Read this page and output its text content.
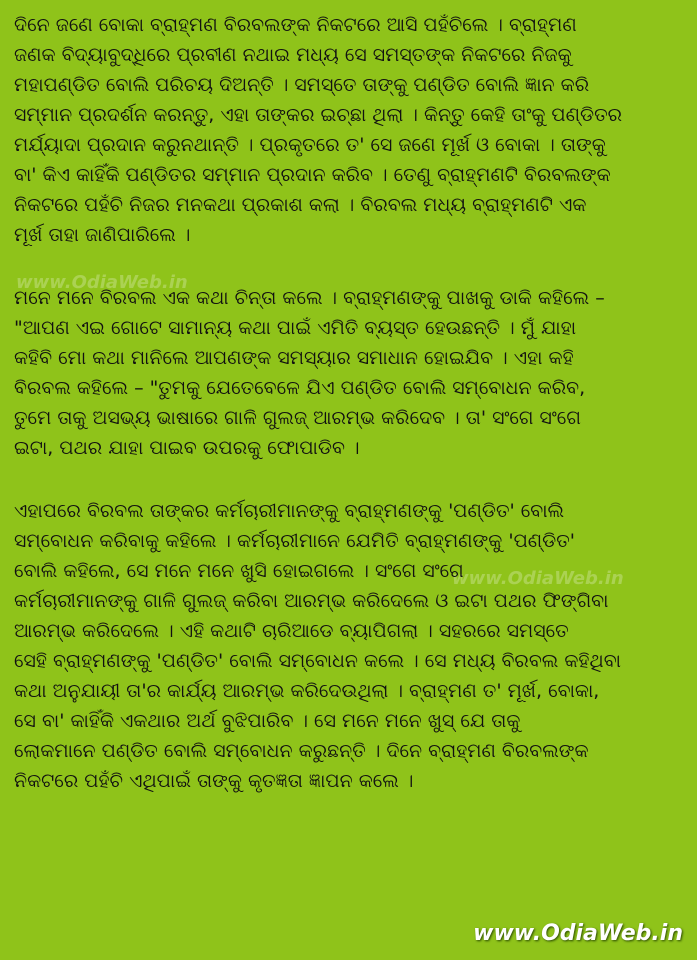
www.OdiaWeb.in
www.OdiaWeb.in
ଦିନେ ଜଣେ ବୋକା ବ୍ରାହ୍ମଣ ବିରବଲଙ୍କ ନିକଟରେ ଆସି ପହଁଚିଲେ । ବ୍ରାହ୍ମଣ
ଜଣକ ବିଦ୍ୟାବୁଦ୍ଧିରେ ପ୍ରବୀଣ ନଥାଇ ମଧ୍ୟ ସେ ସମସ୍ତଙ୍କ ନିକଟରେ ନିଜକୁ
ମହାପଣ୍ଡିତ ବୋଲି ପରିଚୟ ଦିଅନ୍ତି । ସମସ୍ତେ ତାଙ୍କୁ ପଣ୍ଡିତ ବୋଲି ଜ୍ଞାନ କରି
ସମ୍ମାନ ପ୍ରଦର୍ଶନ କରନ୍ତୁ, ଏହା ତାଙ୍କର ଇଚ୍ଛା ଥିଲା । କିନ୍ତୁ କେହି ତାଂକୁ ପଣ୍ଡିତର
ମର୍ଯ୍ୟାଦା ପ୍ରଦାନ କରୁନଥାନ୍ତି । ପ୍ରକୃତରେ ତ' ସେ ଜଣେ ମୂର୍ଖ ଓ ବୋକା । ତାଙ୍କୁ
ବା' କିଏ କାହିଁକି ପଣ୍ଡିତର ସମ୍ମାନ ପ୍ରଦାନ କରିବ । ତେଣୁ ବ୍ରାହ୍ମଣଟି ବିରବଲଙ୍କ
ନିକଟରେ ପହଁଚି ନିଜର ମନକଥା ପ୍ରକାଶ କଲା । ବିରବଲ ମଧ୍ୟ ବ୍ରାହ୍ମଣଟି ଏକ
ମୂର୍ଖ ତାହା ଜାଣିପାରିଲେ ।
ମନେ ମନେ ବିରବଲ ଏକ କଥା ଚିନ୍ତା କଲେ । ବ୍ରାହ୍ମଣଙ୍କୁ ପାଖକୁ ଡାକି କହିଲେ –
"ଆପଣ ଏଇ ଗୋଟେ ସାମାନ୍ୟ କଥା ପାଇଁ ଏମିତି ବ୍ୟସ୍ତ ହେଉଛନ୍ତି । ମୁଁ ଯାହା
କହିବି ମୋ କଥା ମାନିଲେ ଆପଣଙ୍କ ସମସ୍ୟାର ସମାଧାନ ହୋଇଯିବ । ଏହା କହି
ବିରବଲ କହିଲେ – "ତୁମକୁ ଯେତେବେଳେ ଯିଏ ପଣ୍ଡିତ ବୋଲି ସମ୍ବୋଧନ କରିବ,
ତୁମେ ତାକୁ ଅସଭ୍ୟ ଭାଷାରେ ଗାଳି ଗୁଲଜ୍ ଆରମ୍ଭ କରିଦେବ । ତା' ସଂଗେ ସଂଗେ
ଇଟା, ପଥର ଯାହା ପାଇବ ଉପରକୁ ଫୋପାଡିବ ।
ଏହାପରେ ବିରବଲ ତାଙ୍କର କର୍ମଚାରୀମାନଙ୍କୁ ବ୍ରାହ୍ମଣଙ୍କୁ 'ପଣ୍ଡିତ' ବୋଲି
ସମ୍ବୋଧନ କରିବାକୁ କହିଲେ । କର୍ମଚାରୀମାନେ ଯେମିତି ବ୍ରାହ୍ମଣଙ୍କୁ 'ପଣ୍ଡିତ'
ବୋଲି କହିଲେ, ସେ ମନେ ମନେ ଖୁସି ହୋଇଗଲେ । ସଂଗେ ସଂଗେ
କର୍ମଚାରୀମାନଙ୍କୁ ଗାଳି ଗୁଲଜ୍ କରିବା ଆରମ୍ଭ କରିଦେଲେ ଓ ଇଟା ପଥର ଫିଙ୍ଗିବା
ଆରମ୍ଭ କରିଦେଲେ । ଏହି କଥାଟି ଚାରିଆଡେ ବ୍ୟାପିଗଲା । ସହରରେ ସମସ୍ତେ
ସେହି ବ୍ରାହ୍ମଣଙ୍କୁ 'ପଣ୍ଡିତ' ବୋଲି ସମ୍ବୋଧନ କଲେ । ସେ ମଧ୍ୟ ବିରବଲ କହିଥିବା
କଥା ଅନୁଯାୟୀ ତା'ର କାର୍ଯ୍ୟ ଆରମ୍ଭ କରିଦେଉଥିଲା । ବ୍ରାହ୍ମଣ ତ' ମୂର୍ଖ, ବୋକା,
ସେ ବା' କାହିଁକି ଏକଥାର ଅର୍ଥ ବୁଝିପାରିବ । ସେ ମନେ ମନେ ଖୁସ୍ ଯେ ତାକୁ
ଲୋକମାନେ ପଣ୍ଡିତ ବୋଲି ସମ୍ବୋଧନ କରୁଛନ୍ତି । ଦିନେ ବ୍ରାହ୍ମଣ ବିରବଲଙ୍କ
ନିକଟରେ ପହଁଚି ଏଥିପାଇଁ ତାଙ୍କୁ କୃତଜ୍ଞତା ଜ୍ଞାପନ କଲେ ।
www.OdiaWeb.in
